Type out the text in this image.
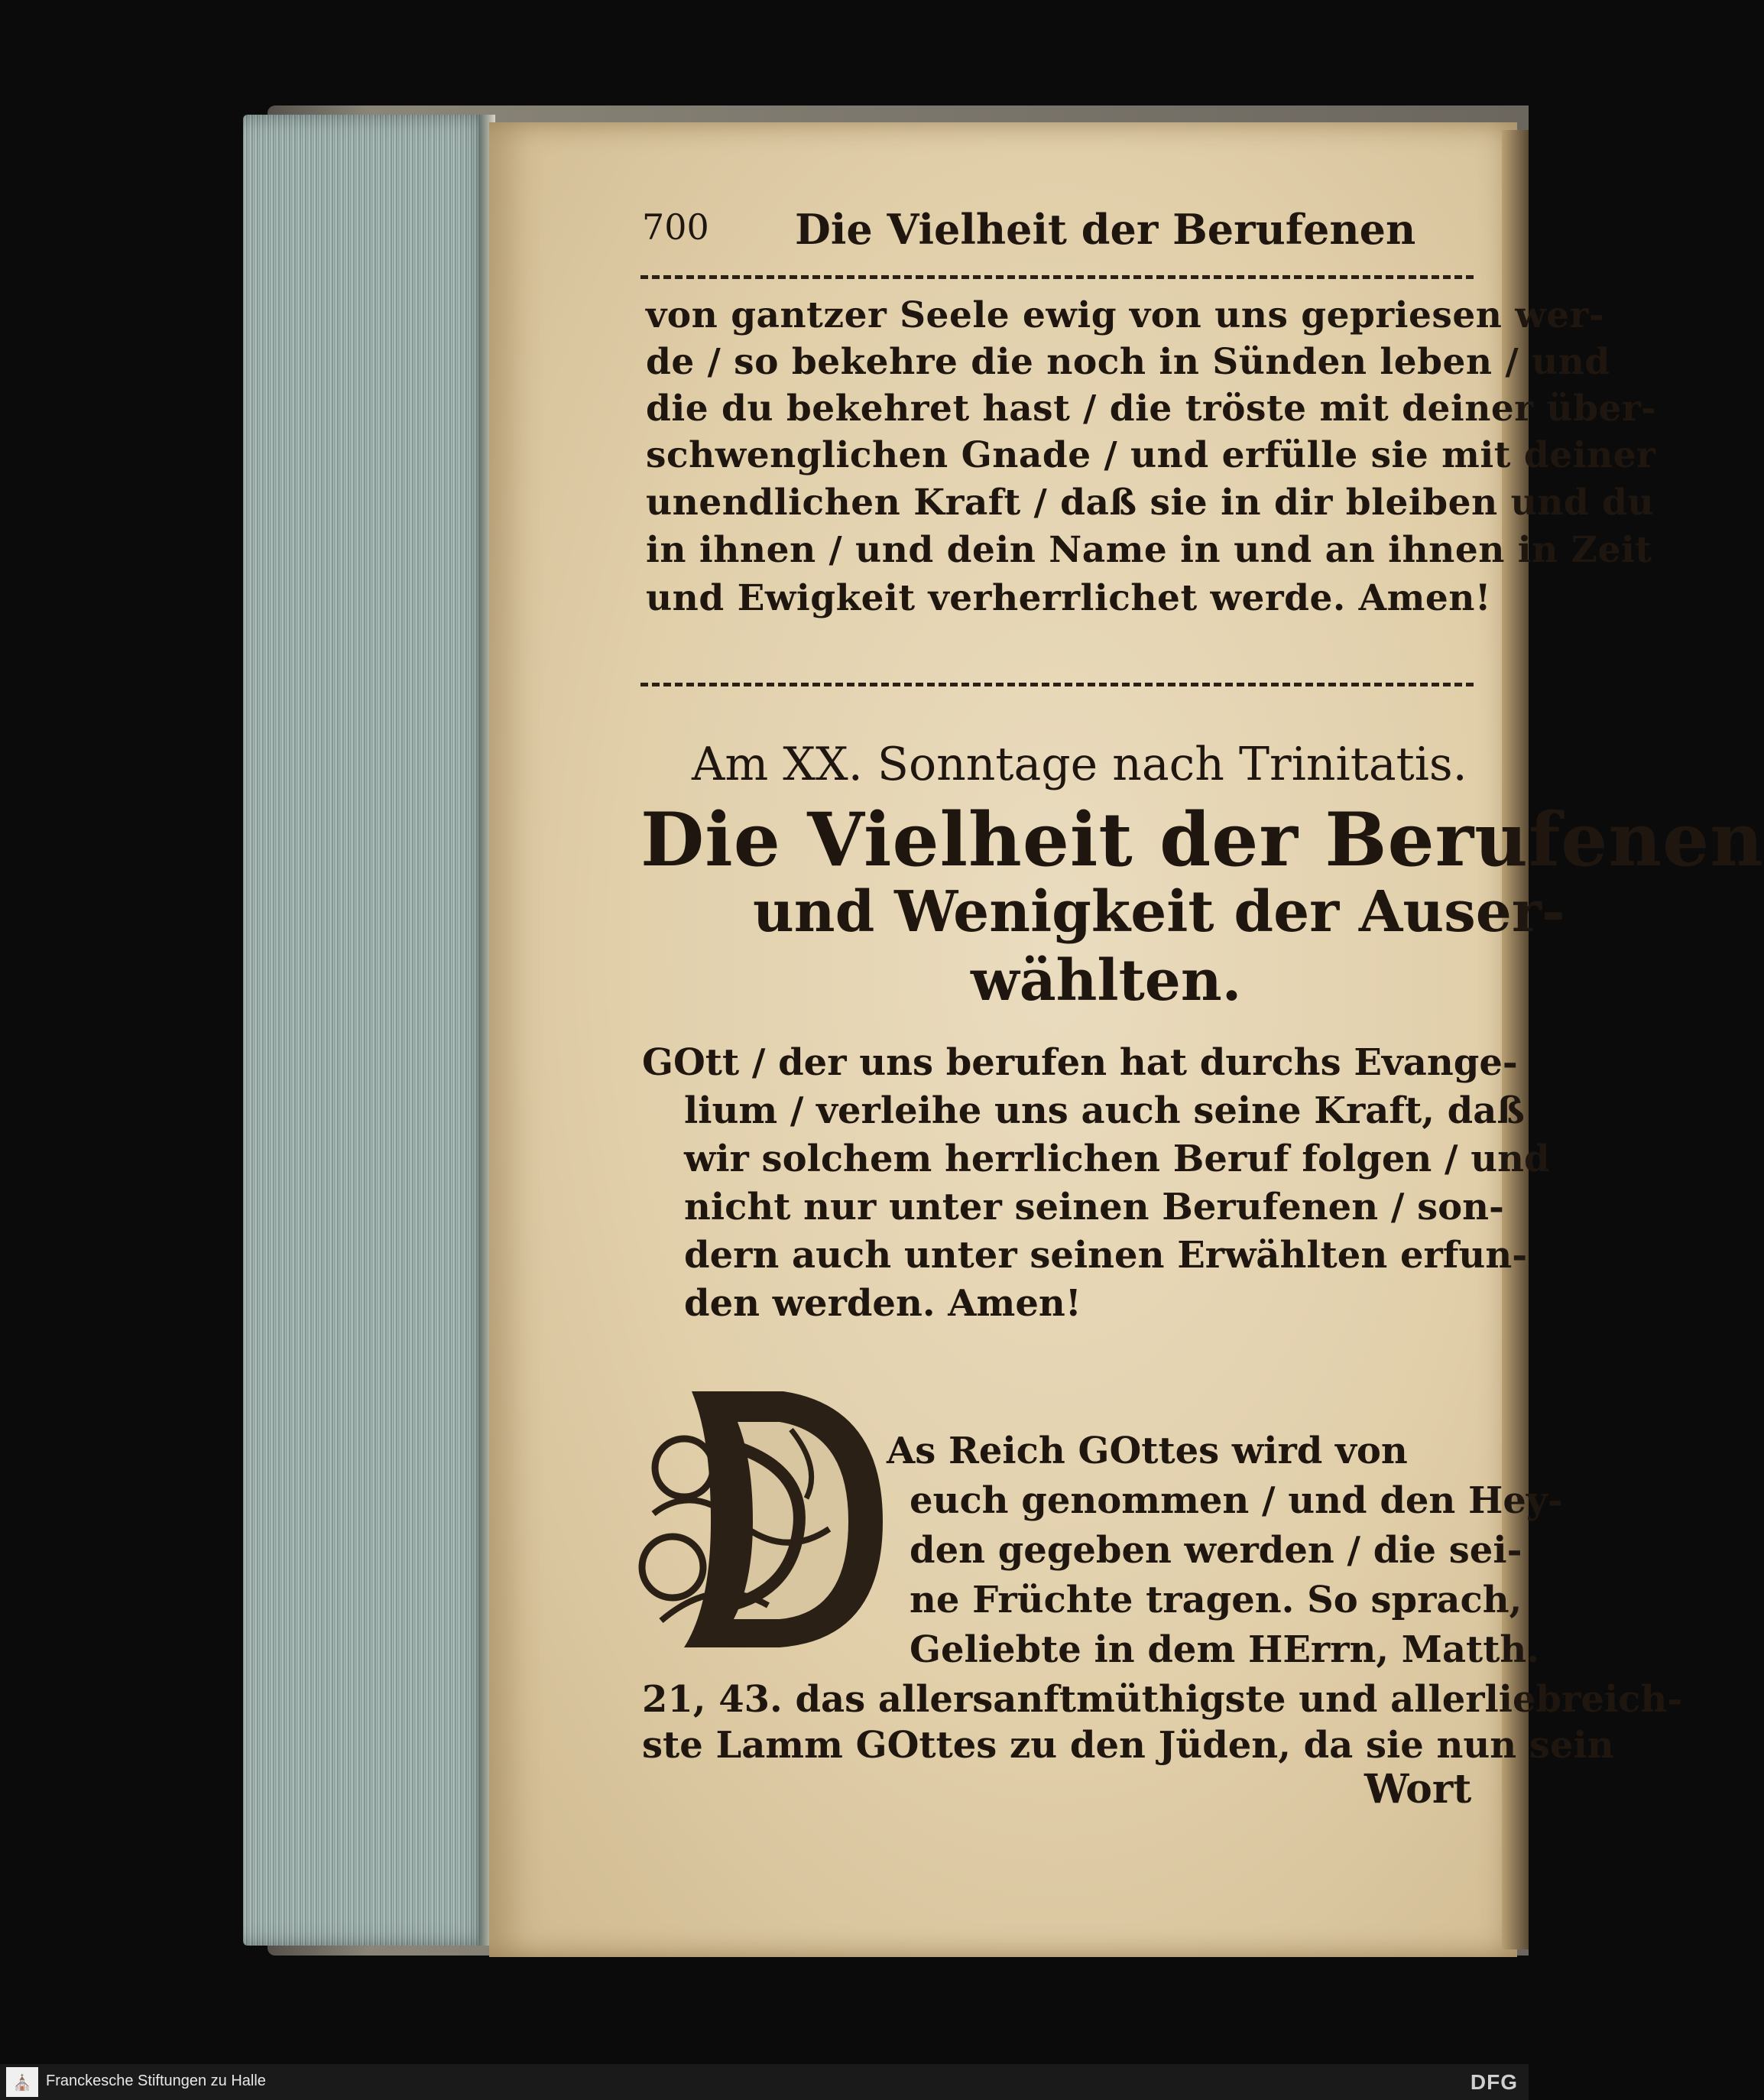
700 Die Vielheit der Berufenen
von gantzer Seele ewig von uns gepriesen wer-
de / so bekehre die noch in Sünden leben / und
die du bekehret hast / die tröste mit deiner über-
schwenglichen Gnade / und erfülle sie mit deiner
unendlichen Kraft / daß sie in dir bleiben und du
in ihnen / und dein Name in und an ihnen in Zeit
und Ewigkeit verherrlichet werde. Amen!
Am XX. Sonntage nach Trinitatis.
Die Vielheit der Berufenen
und Wenigkeit der Auser-
wählten.
GOtt / der uns berufen hat durchs Evange-
lium / verleihe uns auch seine Kraft, daß
wir solchem herrlichen Beruf folgen / und
nicht nur unter seinen Berufenen / son-
dern auch unter seinen Erwählten erfun-
den werden. Amen!
As Reich GOttes wird von
euch genommen / und den Hey-
den gegeben werden / die sei-
ne Früchte tragen. So sprach,
Geliebte in dem HErrn, Matth.
21, 43. das allersanftmüthigste und allerliebreich-
ste Lamm GOttes zu den Jüden, da sie nun sein
Wort
⛪ Franckesche Stiftungen zu Halle	DFG
